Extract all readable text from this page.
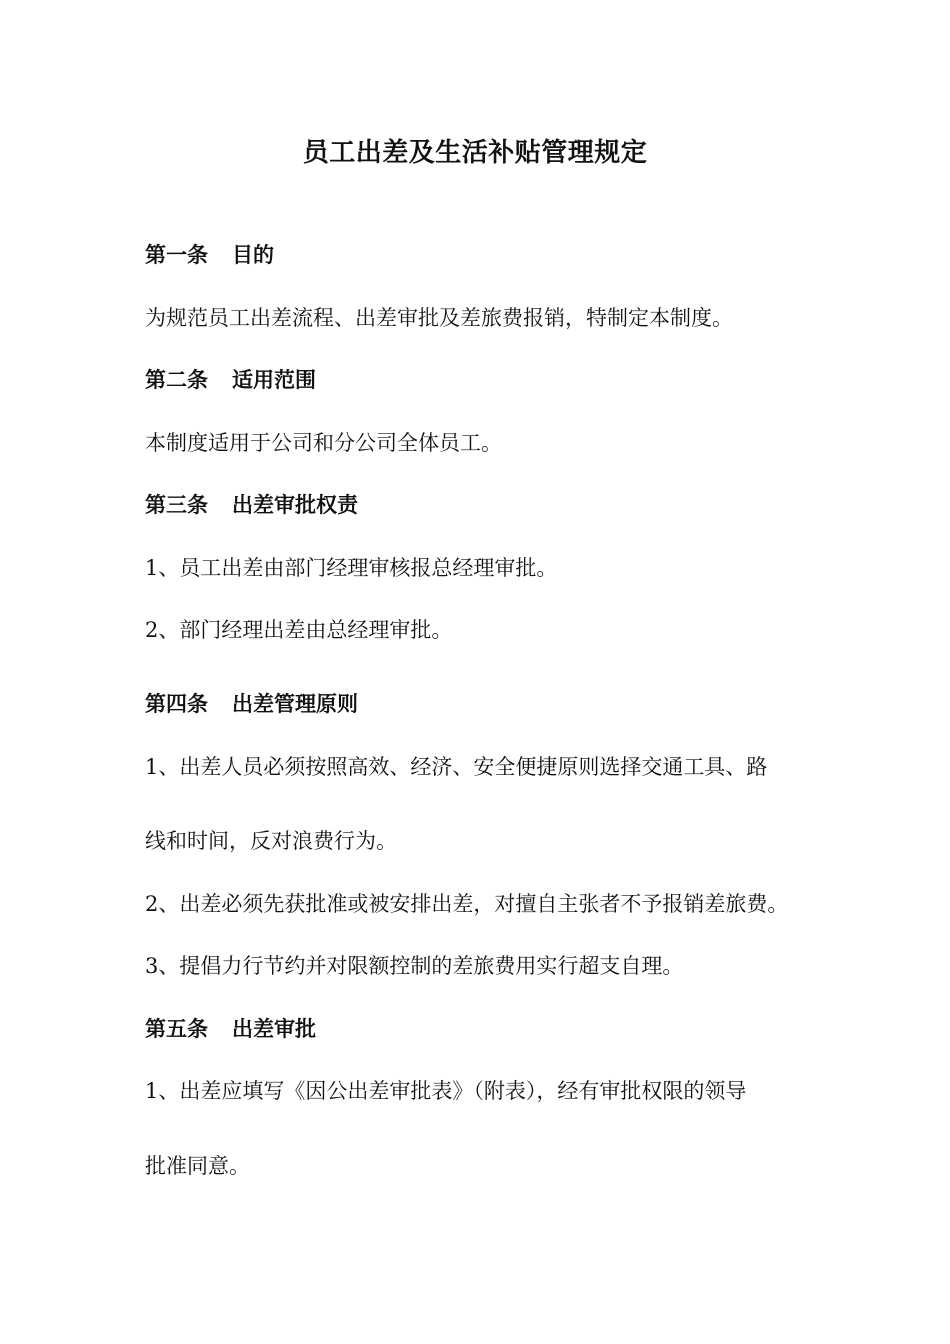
员工出差及生活补贴管理规定
第一条 目的
为规范员工出差流程、出差审批及差旅费报销，特制定本制度。
第二条 适用范围
本制度适用于公司和分公司全体员工。
第三条 出差审批权责
1、员工出差由部门经理审核报总经理审批。
2、部门经理出差由总经理审批。
第四条 出差管理原则
1、出差人员必须按照高效、经济、安全便捷原则选择交通工具、路
线和时间，反对浪费行为。
2、出差必须先获批准或被安排出差，对擅自主张者不予报销差旅费。
3、提倡力行节约并对限额控制的差旅费用实行超支自理。
第五条 出差审批
1、出差应填写《因公出差审批表》（附表），经有审批权限的领导
批准同意。
